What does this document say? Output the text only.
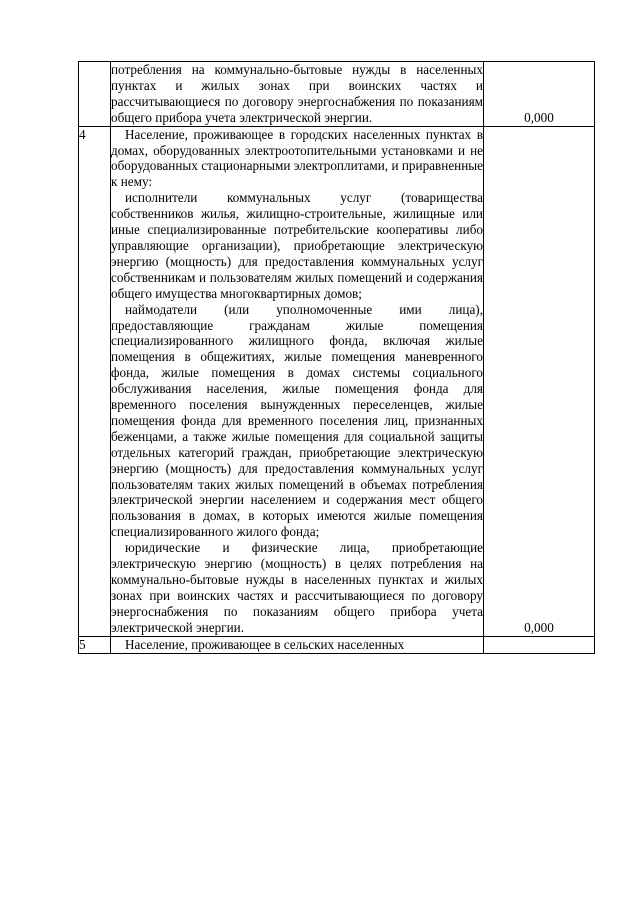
	потребления на коммунально-бытовые нужды в населенных пунктах и жилых зонах при воинских частях и рассчитывающиеся по договору энергоснабжения по показаниям общего прибора учета электрической энергии.	0,000
4	Население, проживающее в городских населенных пунктах в домах, оборудованных электроотопительными установками и не оборудованных стационарными электроплитами, и приравненные к нему:

исполнители коммунальных услуг (товарищества собственников жилья, жилищно-строительные, жилищные или иные специализированные потребительские кооперативы либо управляющие организации), приобретающие электрическую энергию (мощность) для предоставления коммунальных услуг собственникам и пользователям жилых помещений и содержания общего имущества многоквартирных домов;

наймодатели (или уполномоченные ими лица), предоставляющие гражданам жилые помещения специализированного жилищного фонда, включая жилые помещения в общежитиях, жилые помещения маневренного фонда, жилые помещения в домах системы социального обслуживания населения, жилые помещения фонда для временного поселения вынужденных переселенцев, жилые помещения фонда для временного поселения лиц, признанных беженцами, а также жилые помещения для социальной защиты отдельных категорий граждан, приобретающие электрическую энергию (мощность) для предоставления коммунальных услуг пользователям таких жилых помещений в объемах потребления электрической энергии населением и содержания мест общего пользования в домах, в которых имеются жилые помещения специализированного жилого фонда;

юридические и физические лица, приобретающие электрическую энергию (мощность) в целях потребления на коммунально-бытовые нужды в населенных пунктах и жилых зонах при воинских частях и рассчитывающиеся по договору энергоснабжения по показаниям общего прибора учета электрической энергии.	0,000
5	Население, проживающее в сельских населенных	
